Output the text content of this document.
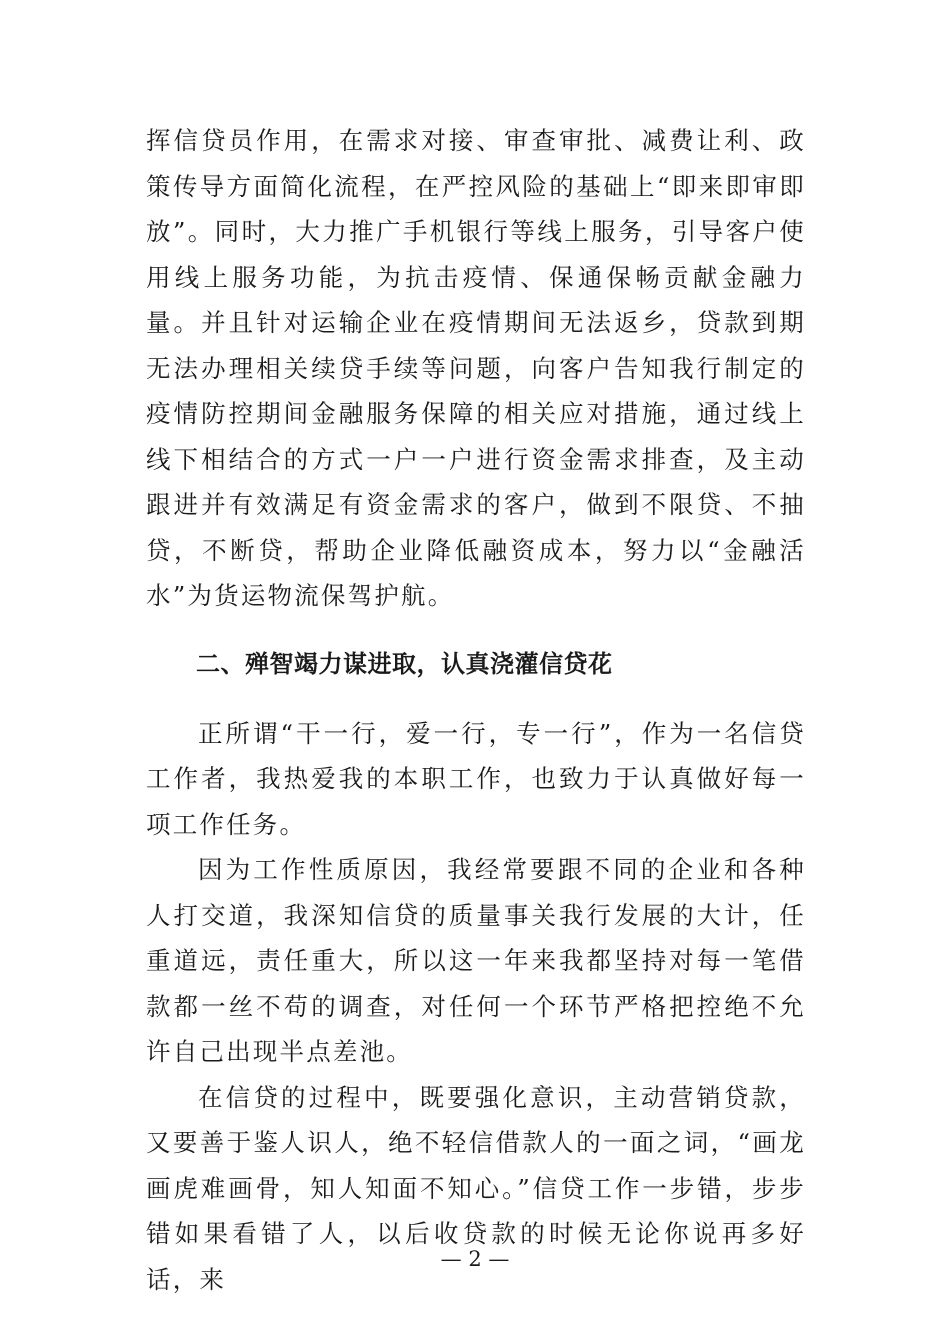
挥信贷员作用，在需求对接、审查审批、减费让利、政策传导方面简化流程，在严控风险的基础上“即来即审即放”。同时，大力推广手机银行等线上服务，引导客户使用线上服务功能，为抗击疫情、保通保畅贡献金融力量。并且针对运输企业在疫情期间无法返乡，贷款到期无法办理相关续贷手续等问题，向客户告知我行制定的疫情防控期间金融服务保障的相关应对措施，通过线上线下相结合的方式一户一户进行资金需求排查，及主动跟进并有效满足有资金需求的客户，做到不限贷、不抽贷，不断贷，帮助企业降低融资成本，努力以“金融活水”为货运物流保驾护航。

二、殚智竭力谋进取，认真浇灌信贷花

正所谓“干一行，爱一行，专一行”，作为一名信贷工作者，我热爱我的本职工作，也致力于认真做好每一项工作任务。

因为工作性质原因，我经常要跟不同的企业和各种人打交道，我深知信贷的质量事关我行发展的大计，任重道远，责任重大，所以这一年来我都坚持对每一笔借款都一丝不苟的调查，对任何一个环节严格把控绝不允许自己出现半点差池。

在信贷的过程中，既要强化意识，主动营销贷款，又要善于鉴人识人，绝不轻信借款人的一面之词，“画龙画虎难画骨，知人知面不知心。”信贷工作一步错，步步错如果看错了人，以后收贷款的时候无论你说再多好话，来

— 2 —
